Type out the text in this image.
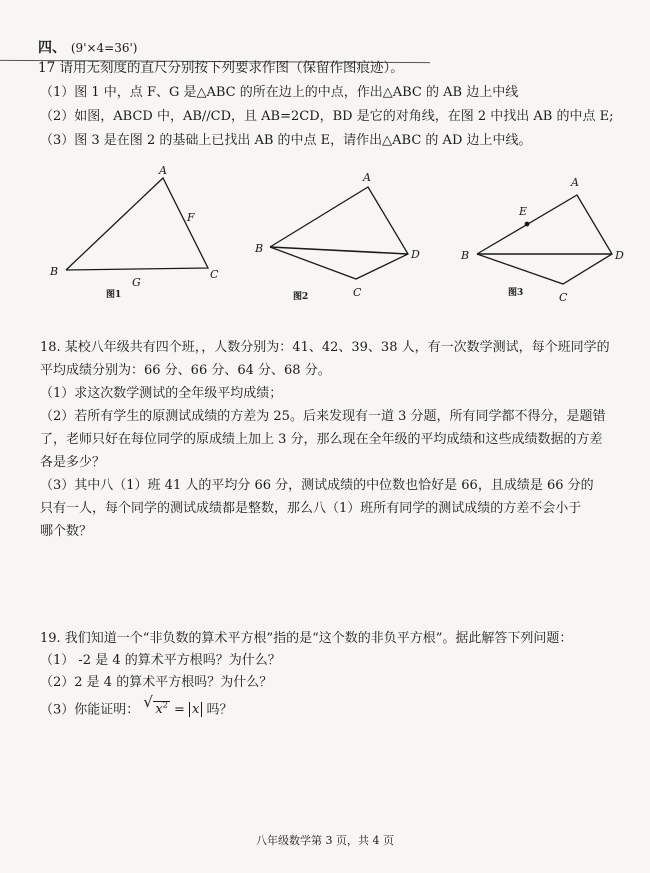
四、 (9'×4=36')
17 请用无刻度的直尺分别按下列要求作图（保留作图痕迹）。
（1）图 1 中，点 F、G 是△ABC 的所在边上的中点，作出△ABC 的 AB 边上中线
（2）如图，ABCD 中，AB//CD，且 AB=2CD，BD 是它的对角线，在图 2 中找出 AB 的中点 E;
（3）图 3 是在图 2 的基础上已找出 AB 的中点 E，请作出△ABC 的 AD 边上中线。
A
B	C
F
G
图1
A
B
C
D
图2
A
B
C
D
E
图3
18. 某校八年级共有四个班，，人数分别为：41、42、39、38 人，有一次数学测试，每个班同学的
平均成绩分别为：66 分、66 分、64 分、68 分。
（1）求这次数学测试的全年级平均成绩；
（2）若所有学生的原测试成绩的方差为 25。后来发现有一道 3 分题，所有同学都不得分，是题错
了，老师只好在每位同学的原成绩上加上 3 分，那么现在全年级的平均成绩和这些成绩数据的方差
各是多少？
（3）其中八（1）班 41 人的平均分 66 分，测试成绩的中位数也恰好是 66，且成绩是 66 分的
只有一人，每个同学的测试成绩都是整数，那么八（1）班所有同学的测试成绩的方差不会小于
哪个数？
19. 我们知道一个“非负数的算术平方根”指的是“这个数的非负平方根”。据此解答下列问题：
（1） -2 是 4 的算术平方根吗？为什么？
（2）2 是 4 的算术平方根吗？为什么？
（3）你能证明： √ $x^2 = x$ 吗？
八年级数学第 3 页，共 4 页
